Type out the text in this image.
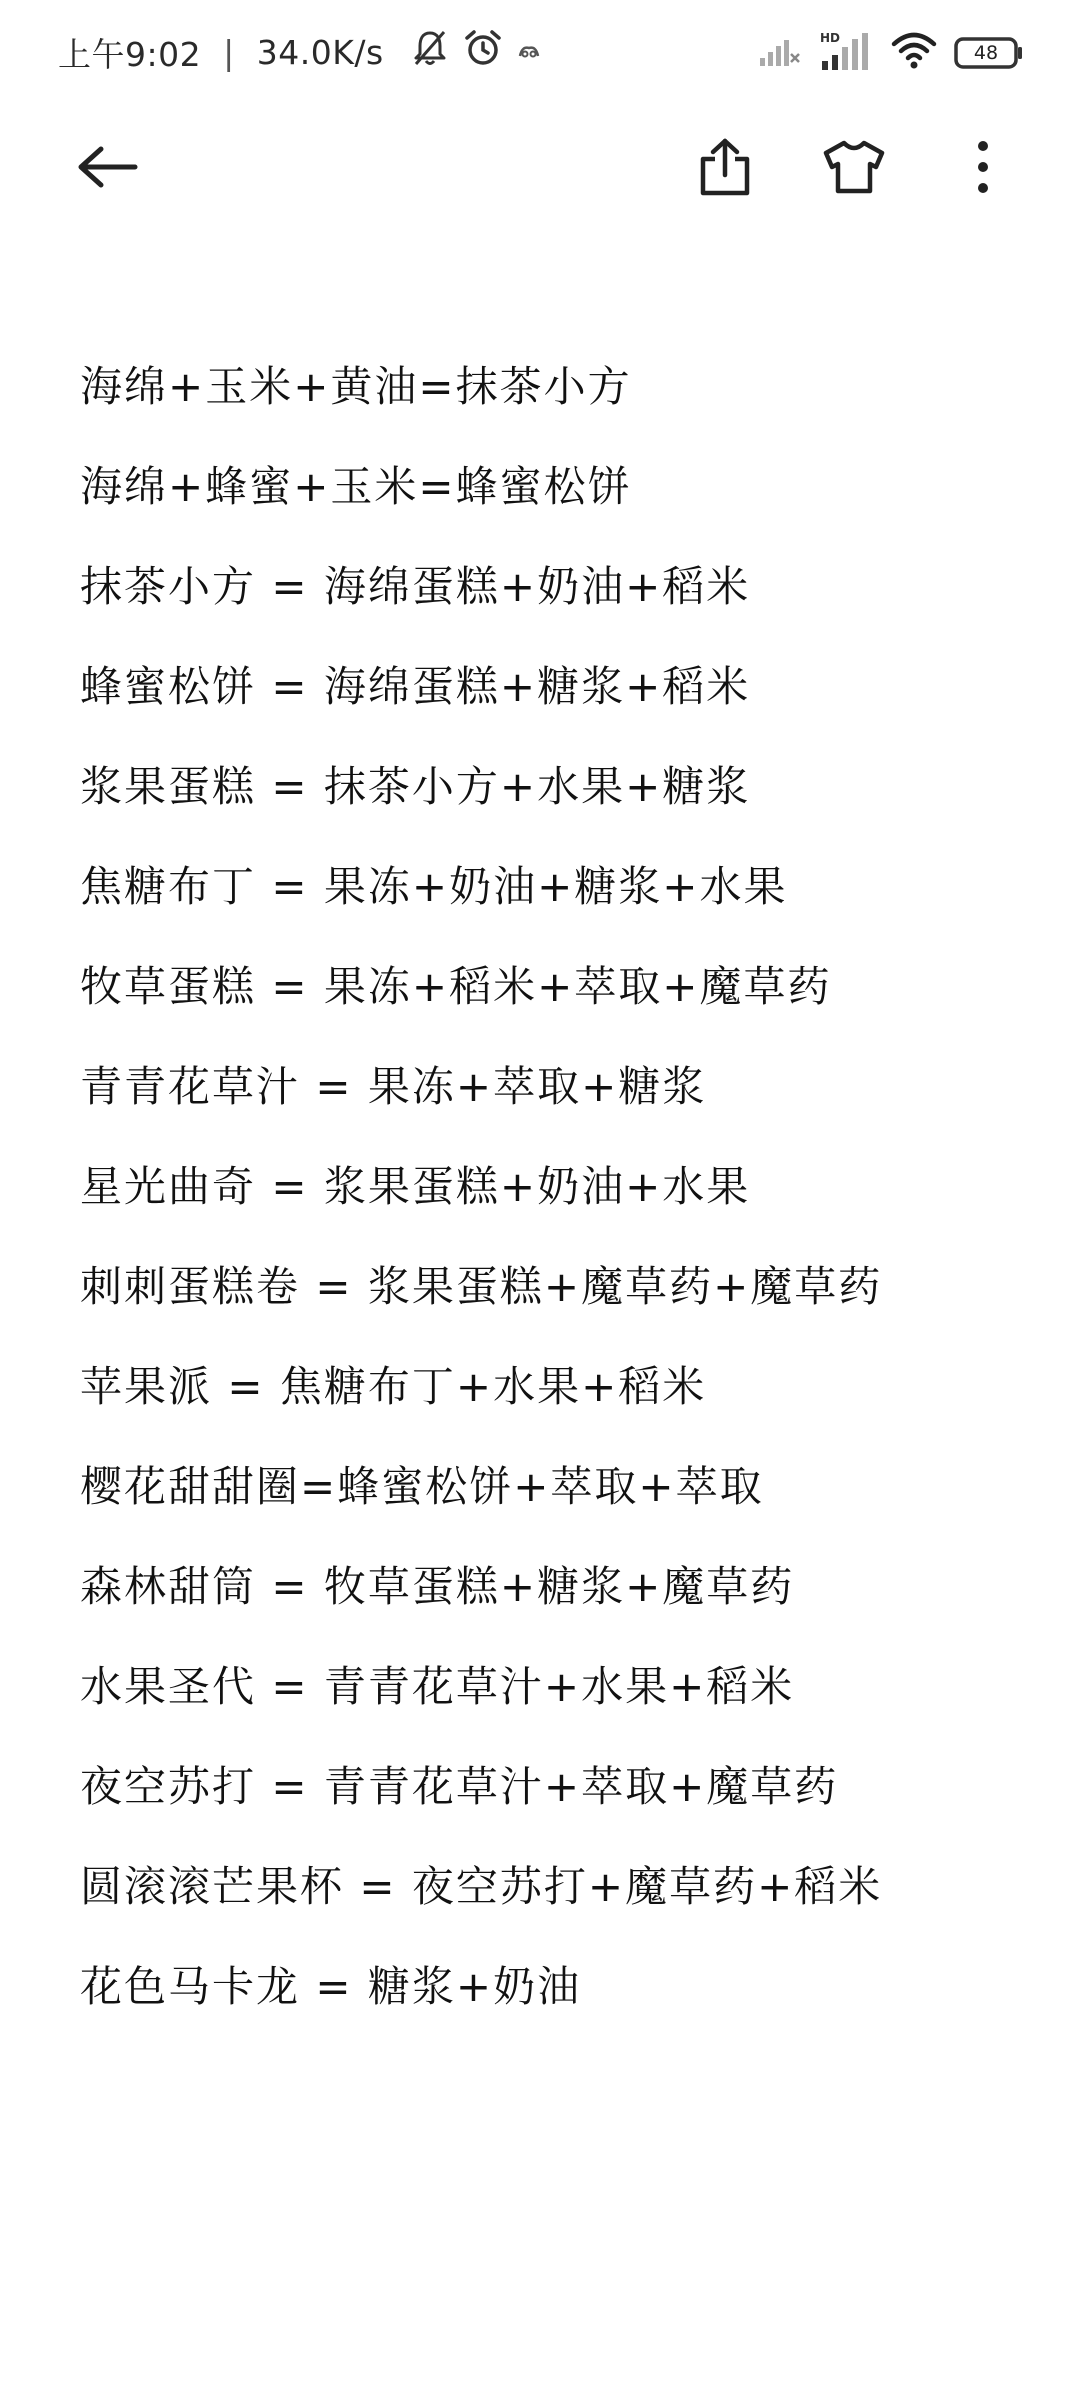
上午9:02 | 34.0K/s	HD
48
海绵+玉米+黄油=抹茶小方
海绵+蜂蜜+玉米=蜂蜜松饼
抹茶小方 = 海绵蛋糕+奶油+稻米
蜂蜜松饼 = 海绵蛋糕+糖浆+稻米
浆果蛋糕 = 抹茶小方+水果+糖浆
焦糖布丁 = 果冻+奶油+糖浆+水果
牧草蛋糕 = 果冻+稻米+萃取+魔草药
青青花草汁 = 果冻+萃取+糖浆
星光曲奇 = 浆果蛋糕+奶油+水果
刺刺蛋糕卷 = 浆果蛋糕+魔草药+魔草药
苹果派 = 焦糖布丁+水果+稻米
樱花甜甜圈=蜂蜜松饼+萃取+萃取
森林甜筒 = 牧草蛋糕+糖浆+魔草药
水果圣代 = 青青花草汁+水果+稻米
夜空苏打 = 青青花草汁+萃取+魔草药
圆滚滚芒果杯 = 夜空苏打+魔草药+稻米
花色马卡龙 = 糖浆+奶油
